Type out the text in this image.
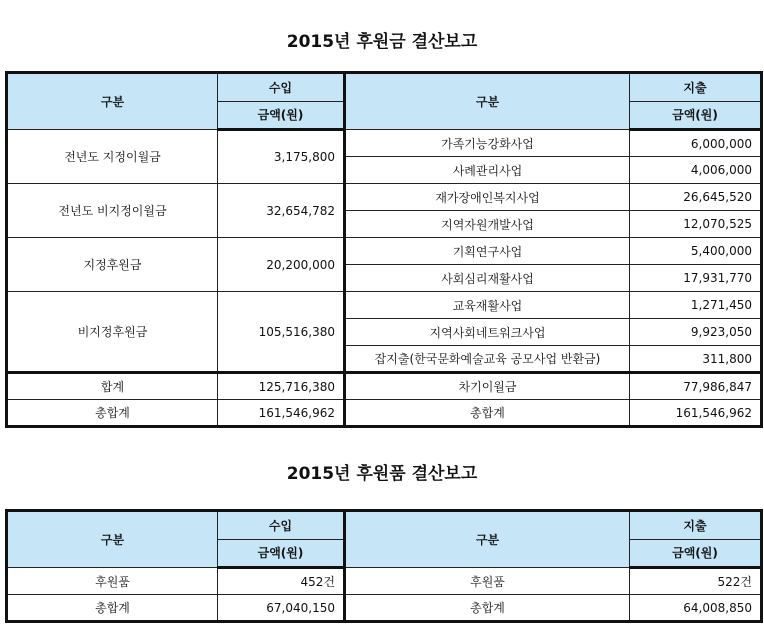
2015년 후원금 결산보고
구분	수입	구분	지출
	금액(원)		금액(원)
전년도 지정이월금	3,175,800	가족기능강화사업	6,000,000
		사례관리사업	4,006,000
전년도 비지정이월금	32,654,782	재가장애인복지사업	26,645,520
		지역자원개발사업	12,070,525
지정후원금	20,200,000	기획연구사업	5,400,000
		사회심리재활사업	17,931,770
비지정후원금	105,516,380	교육재활사업	1,271,450
		지역사회네트워크사업	9,923,050
		잡지출(한국문화예술교육 공모사업 반환금)	311,800
합계	125,716,380	차기이월금	77,986,847
총합계	161,546,962	총합계	161,546,962
2015년 후원품 결산보고
구분	수입	구분	지출
	금액(원)		금액(원)
후원품	452건	후원품	522건
총합계	67,040,150	총합계	64,008,850
